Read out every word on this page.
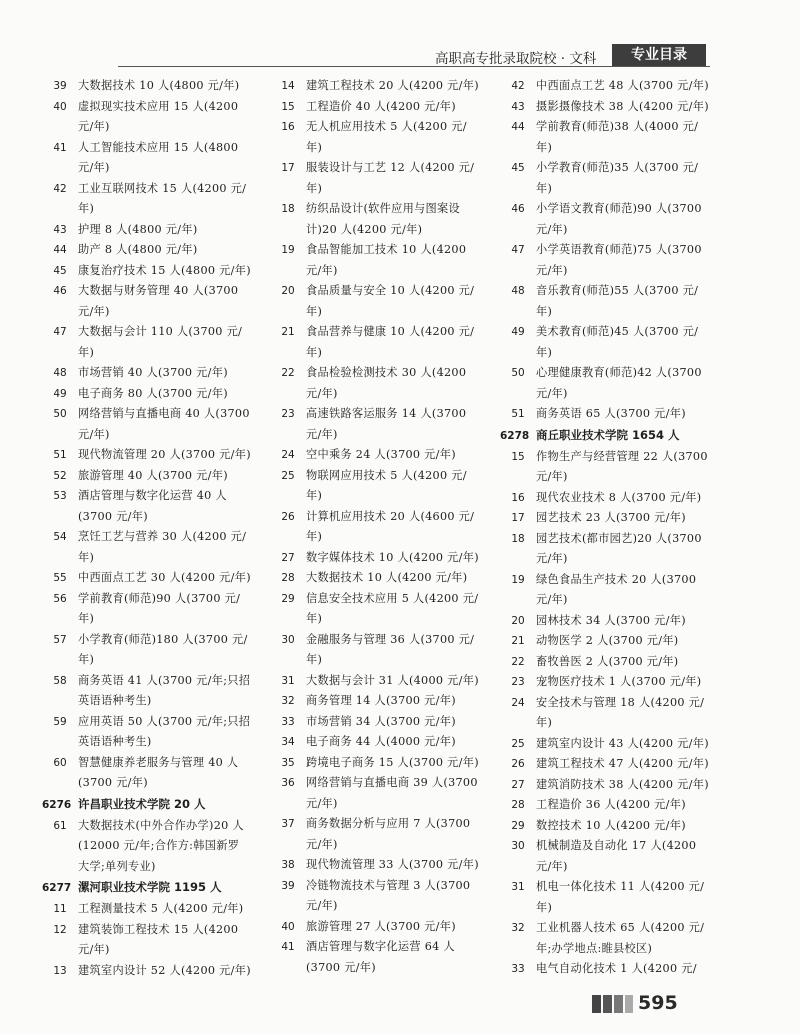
高职高专批录取院校 · 文科	专业目录
39	大数据技术 10 人(4800 元/年)
40	虚拟现实技术应用 15 人(4200
元/年)
41	人工智能技术应用 15 人(4800
元/年)
42	工业互联网技术 15 人(4200 元/
年)
43	护理 8 人(4800 元/年)
44	助产 8 人(4800 元/年)
45	康复治疗技术 15 人(4800 元/年)
46	大数据与财务管理 40 人(3700
元/年)
47	大数据与会计 110 人(3700 元/
年)
48	市场营销 40 人(3700 元/年)
49	电子商务 80 人(3700 元/年)
50	网络营销与直播电商 40 人(3700
元/年)
51	现代物流管理 20 人(3700 元/年)
52	旅游管理 40 人(3700 元/年)
53	酒店管理与数字化运营 40 人
(3700 元/年)
54	烹饪工艺与营养 30 人(4200 元/
年)
55	中西面点工艺 30 人(4200 元/年)
56	学前教育(师范)90 人(3700 元/
年)
57	小学教育(师范)180 人(3700 元/
年)
58	商务英语 41 人(3700 元/年;只招
英语语种考生)
59	应用英语 50 人(3700 元/年;只招
英语语种考生)
60	智慧健康养老服务与管理 40 人
(3700 元/年)
6276 许昌职业技术学院 20 人
61	大数据技术(中外合作办学)20 人
(12000 元/年;合作方:韩国新罗
大学;单列专业)
6277 漯河职业技术学院 1195 人
11	工程测量技术 5 人(4200 元/年)
12	建筑装饰工程技术 15 人(4200
元/年)
13	建筑室内设计 52 人(4200 元/年)
14	建筑工程技术 20 人(4200 元/年)
15	工程造价 40 人(4200 元/年)
16	无人机应用技术 5 人(4200 元/
年)
17	服装设计与工艺 12 人(4200 元/
年)
18	纺织品设计(软件应用与图案设
计)20 人(4200 元/年)
19	食品智能加工技术 10 人(4200
元/年)
20	食品质量与安全 10 人(4200 元/
年)
21	食品营养与健康 10 人(4200 元/
年)
22	食品检验检测技术 30 人(4200
元/年)
23	高速铁路客运服务 14 人(3700
元/年)
24	空中乘务 24 人(3700 元/年)
25	物联网应用技术 5 人(4200 元/
年)
26	计算机应用技术 20 人(4600 元/
年)
27	数字媒体技术 10 人(4200 元/年)
28	大数据技术 10 人(4200 元/年)
29	信息安全技术应用 5 人(4200 元/
年)
30	金融服务与管理 36 人(3700 元/
年)
31	大数据与会计 31 人(4000 元/年)
32	商务管理 14 人(3700 元/年)
33	市场营销 34 人(3700 元/年)
34	电子商务 44 人(4000 元/年)
35	跨境电子商务 15 人(3700 元/年)
36	网络营销与直播电商 39 人(3700
元/年)
37	商务数据分析与应用 7 人(3700
元/年)
38	现代物流管理 33 人(3700 元/年)
39	冷链物流技术与管理 3 人(3700
元/年)
40	旅游管理 27 人(3700 元/年)
41	酒店管理与数字化运营 64 人
(3700 元/年)
42	中西面点工艺 48 人(3700 元/年)
43	摄影摄像技术 38 人(4200 元/年)
44	学前教育(师范)38 人(4000 元/
年)
45	小学教育(师范)35 人(3700 元/
年)
46	小学语文教育(师范)90 人(3700
元/年)
47	小学英语教育(师范)75 人(3700
元/年)
48	音乐教育(师范)55 人(3700 元/
年)
49	美术教育(师范)45 人(3700 元/
年)
50	心理健康教育(师范)42 人(3700
元/年)
51	商务英语 65 人(3700 元/年)
6278 商丘职业技术学院 1654 人
15	作物生产与经营管理 22 人(3700
元/年)
16	现代农业技术 8 人(3700 元/年)
17	园艺技术 23 人(3700 元/年)
18	园艺技术(都市园艺)20 人(3700
元/年)
19	绿色食品生产技术 20 人(3700
元/年)
20	园林技术 34 人(3700 元/年)
21	动物医学 2 人(3700 元/年)
22	畜牧兽医 2 人(3700 元/年)
23	宠物医疗技术 1 人(3700 元/年)
24	安全技术与管理 18 人(4200 元/
年)
25	建筑室内设计 43 人(4200 元/年)
26	建筑工程技术 47 人(4200 元/年)
27	建筑消防技术 38 人(4200 元/年)
28	工程造价 36 人(4200 元/年)
29	数控技术 10 人(4200 元/年)
30	机械制造及自动化 17 人(4200
元/年)
31	机电一体化技术 11 人(4200 元/
年)
32	工业机器人技术 65 人(4200 元/
年;办学地点:睢县校区)
33	电气自动化技术 1 人(4200 元/
595
